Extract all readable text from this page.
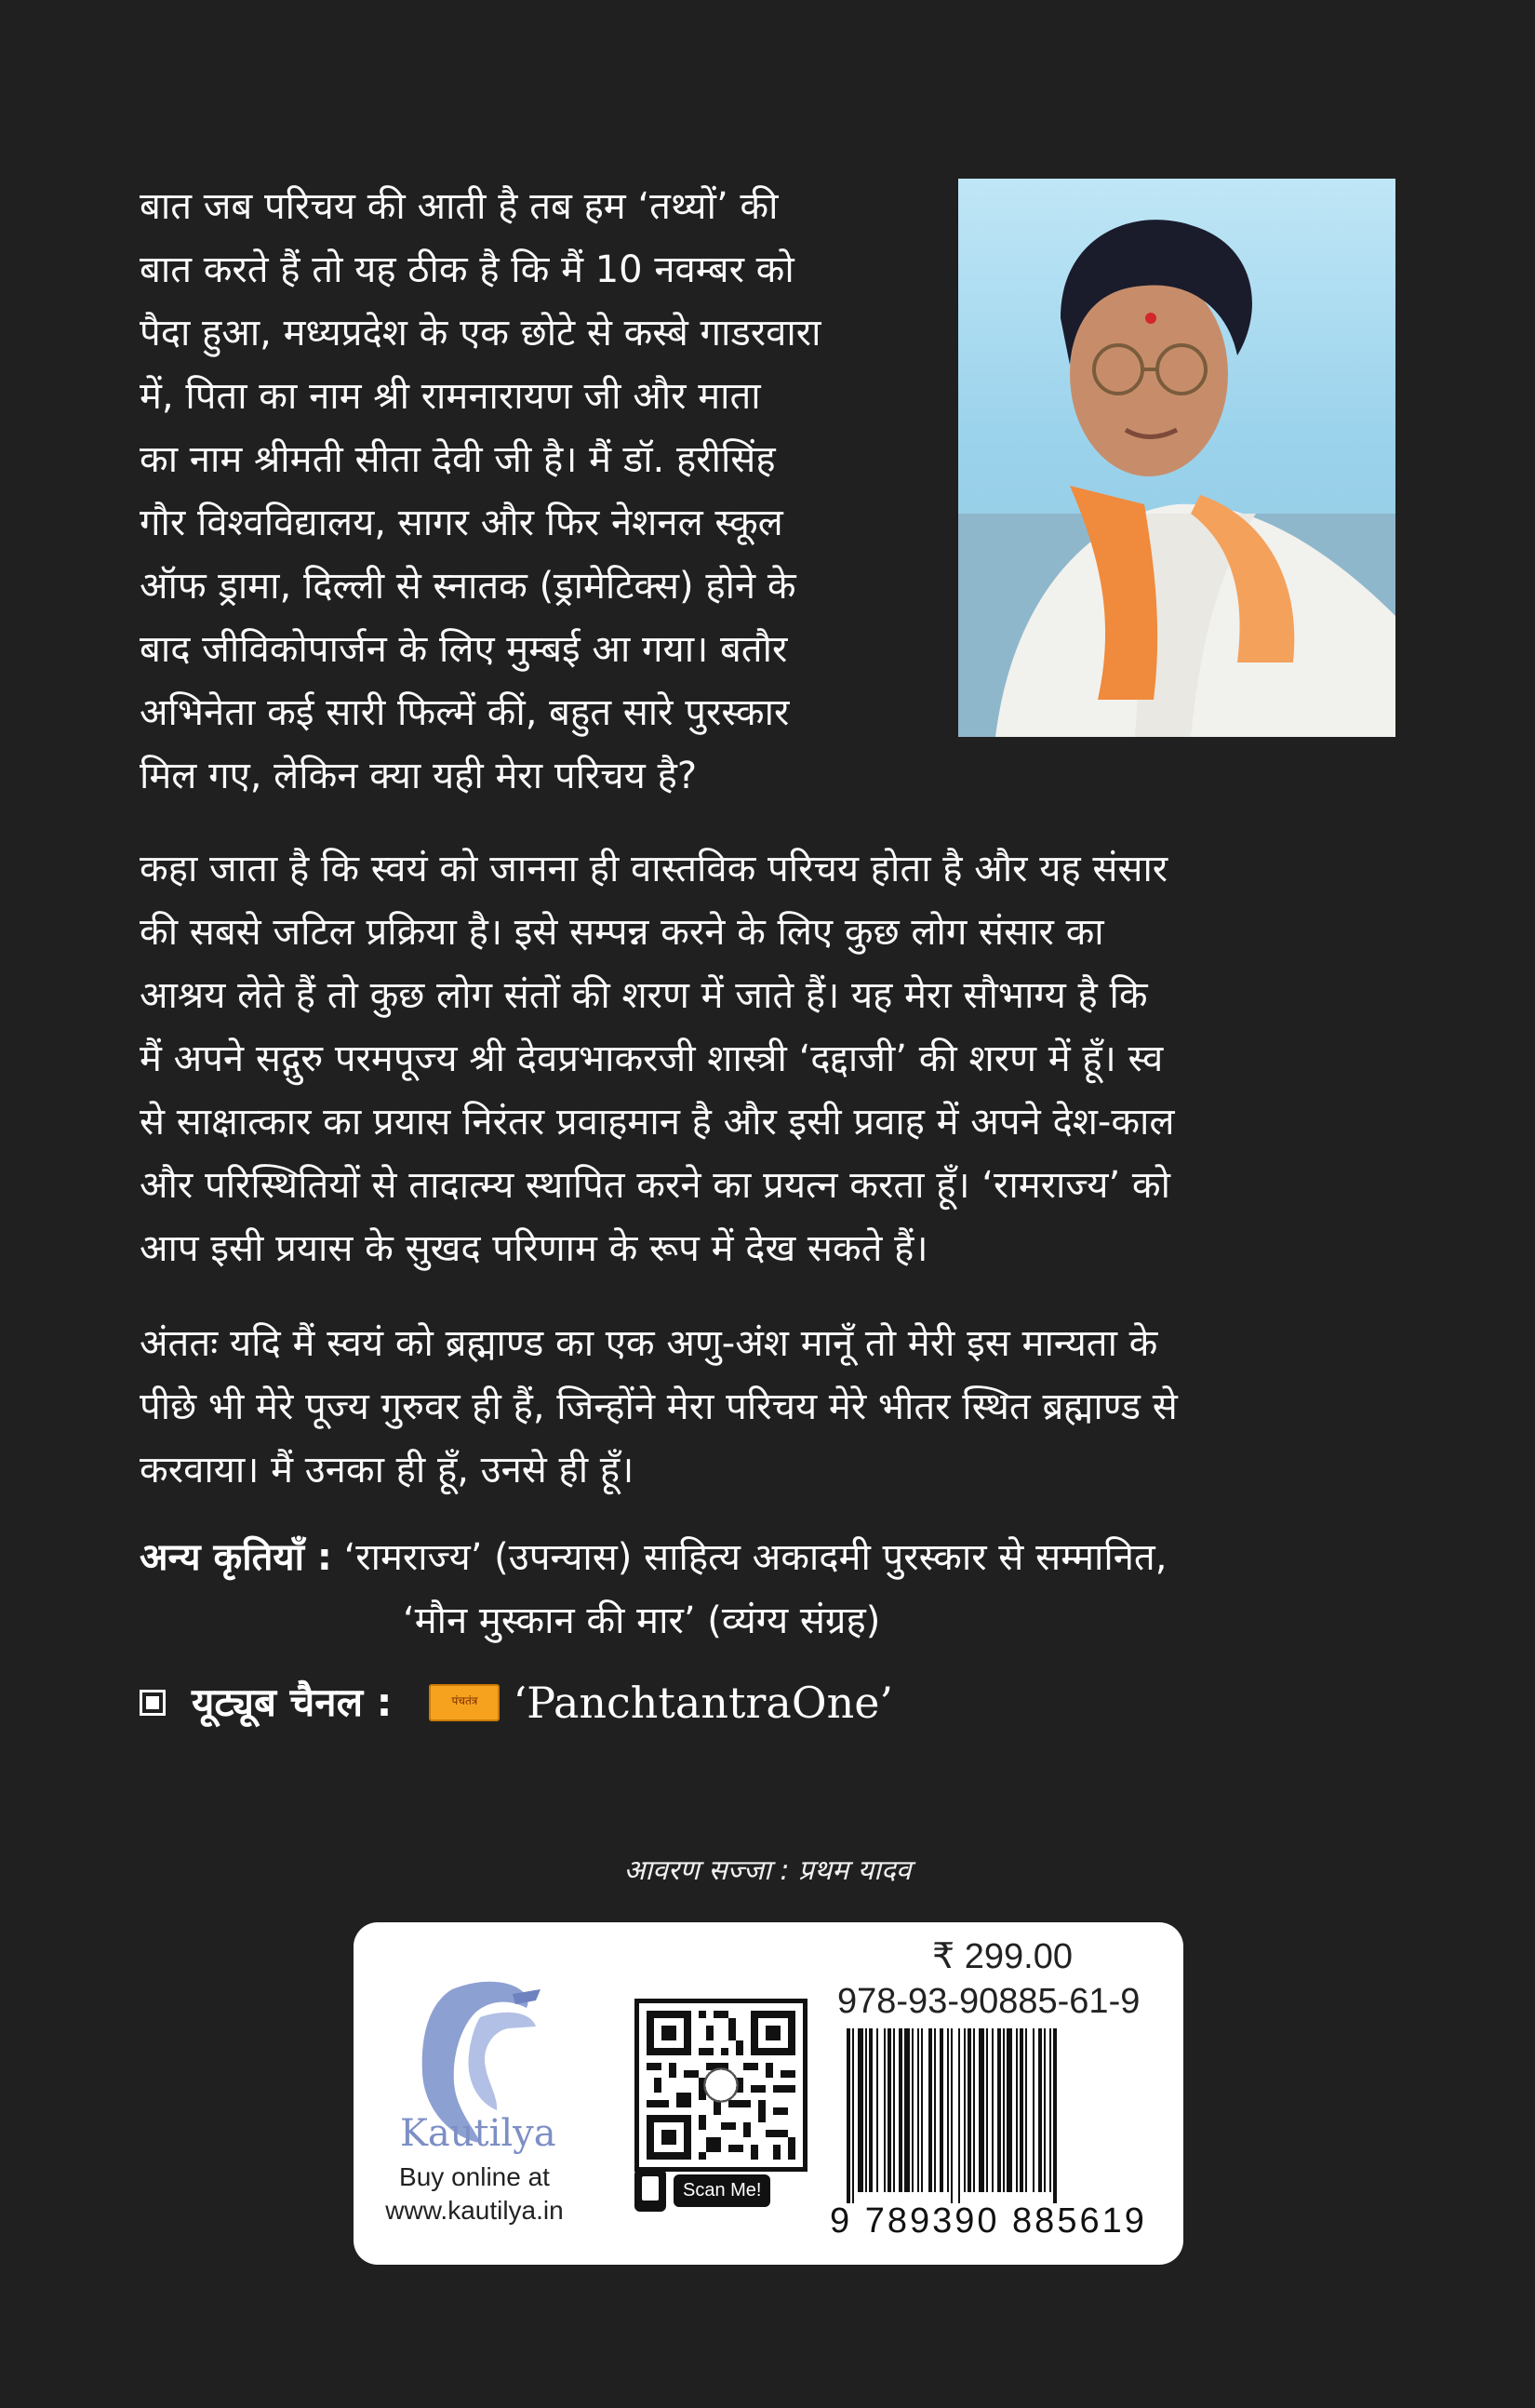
बात जब परिचय की आती है तब हम ‘तथ्यों’ की
बात करते हैं तो यह ठीक है कि मैं 10 नवम्बर को
पैदा हुआ, मध्यप्रदेश के एक छोटे से कस्बे गाडरवारा
में, पिता का नाम श्री रामनारायण जी और माता
का नाम श्रीमती सीता देवी जी है। मैं डॉ. हरीसिंह
गौर विश्वविद्यालय, सागर और फिर नेशनल स्कूल
ऑफ ड्रामा, दिल्ली से स्नातक (ड्रामेटिक्स) होने के
बाद जीविकोपार्जन के लिए मुम्बई आ गया। बतौर
अभिनेता कई सारी फिल्में कीं, बहुत सारे पुरस्कार
मिल गए, लेकिन क्या यही मेरा परिचय है?
कहा जाता है कि स्वयं को जानना ही वास्तविक परिचय होता है और यह संसार
की सबसे जटिल प्रक्रिया है। इसे सम्पन्न करने के लिए कुछ लोग संसार का
आश्रय लेते हैं तो कुछ लोग संतों की शरण में जाते हैं। यह मेरा सौभाग्य है कि
मैं अपने सद्गुरु परमपूज्य श्री देवप्रभाकरजी शास्त्री ‘दद्दाजी’ की शरण में हूँ। स्व
से साक्षात्कार का प्रयास निरंतर प्रवाहमान है और इसी प्रवाह में अपने देश-काल
और परिस्थितियों से तादात्म्य स्थापित करने का प्रयत्न करता हूँ। ‘रामराज्य’ को
आप इसी प्रयास के सुखद परिणाम के रूप में देख सकते हैं।
अंततः यदि मैं स्वयं को ब्रह्माण्ड का एक अणु-अंश मानूँ तो मेरी इस मान्यता के
पीछे भी मेरे पूज्य गुरुवर ही हैं, जिन्होंने मेरा परिचय मेरे भीतर स्थित ब्रह्माण्ड से
करवाया। मैं उनका ही हूँ, उनसे ही हूँ।
अन्य कृतियाँ : ‘रामराज्य’ (उपन्यास) साहित्य अकादमी पुरस्कार से सम्मानित,
‘मौन मुस्कान की मार’ (व्यंग्य संग्रह)
यूट्यूब चैनल :	पंचतंत्र ‘PanchtantraOne’
आवरण सज्जा : प्रथम यादव
Kautilya
Buy online at
www.kautilya.in
Scan Me!
₹ 299.00
978-93-90885-61-9
9 789390 885619
